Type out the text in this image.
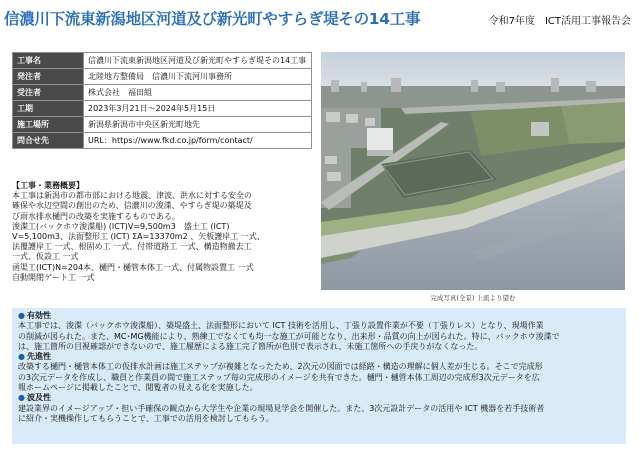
信濃川下流東新潟地区河道及び新光町やすらぎ堤その14工事	令和7年度　ICT活用工事報告会
工事名	信濃川下流東新潟地区河道及び新光町やすらぎ堤その14工事
発注者	北陸地方整備局　信濃川下流河川事務所
受注者	株式会社　福田組
工期	2023年3月21日～2024年5月15日
施工場所	新潟県新潟市中央区新光町地先
問合せ先	URL：https://www.fkd.co.jp/form/contact/
【工事・業務概要】
本工事は新潟市の都市部における地震、津波、洪水に対する安全の
確保や水辺空間の創出のため、信濃川の浚渫、やすらぎ堤の築堤及
び雨水排水樋門の改築を実施するものである。
浚渫工(バックホウ浚渫船) (ICT)V=9,500m3　盛土工 (ICT)
V=5,100m3、法面整形工 (ICT) ΣA=13370m2 、矢板護岸工 一式、
法覆護岸工 一式、根固め工 一式、付帯道路工 一式、構造物撤去工
一式、仮設工 一式
函渠工(ICT)N=204本、樋門・樋管本体工一式、付属物設置工 一式
自動開閉ゲート工 一式
完成写真(全景) 上流より望む
● 有効性
本工事では、浚渫（バックホウ浚渫船）、築堤盛土、法面整形において ICT 技術を活用し、丁張り設置作業が不要（丁張りレス）となり、現場作業
の削減が図られた。また、MC･MG機能により、熟練工でなくても均一な施工が可能となり、出来形・品質の向上が図られた。特に、バックホウ浚渫で
は、施工箇所の目視確認ができないので、施工履歴による施工完了箇所が色別で表示され、未施工箇所への手戻りがなくなった。
● 先進性
改築する樋門・樋管本体工の仮排水計画は施工ステップが複雑となったため、2次元の図面では経路・構造の理解に個人差が生じる。そこで完成形
の3次元データを作成し、職員と作業員の間で施工ステップ毎の完成形のイメージを共有できた。樋門・樋管本体工周辺の完成形3次元データを広
報ホームページに掲載したことで、閲覧者の見える化を実施した。
● 波及性
建設業界のイメージアップ・担い手確保の観点から大学生や企業の現場見学会を開催した。また、3次元設計データの活用や ICT 機器を若手技術者
に紹介・実機操作してもらうことで、工事での活用を検討してもらう。
